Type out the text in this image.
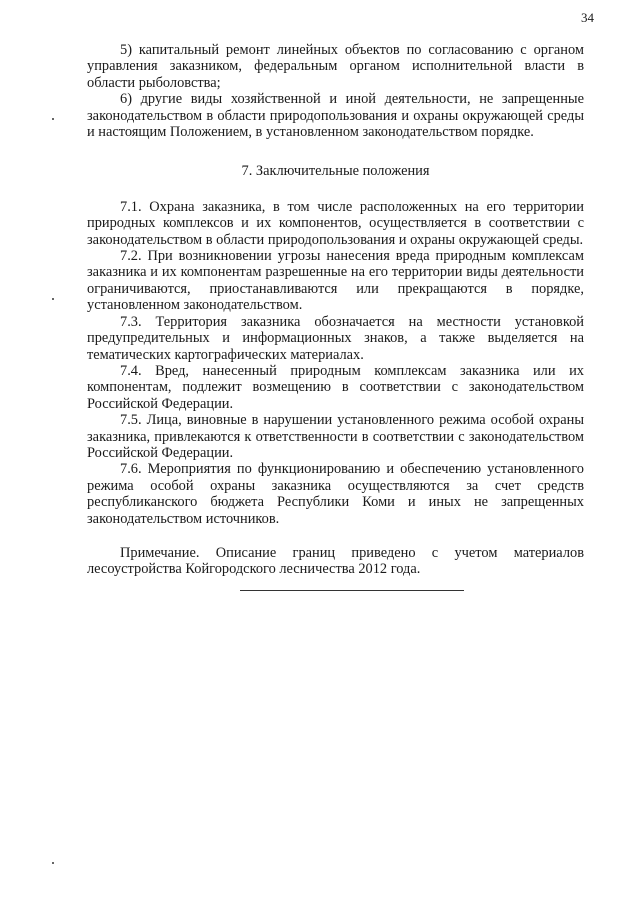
34

5) капитальный ремонт линейных объектов по согласованию с органом управления заказником, федеральным органом исполнительной власти в области рыболовства;

6) другие виды хозяйственной и иной деятельности, не запрещенные законодательством в области природопользования и охраны окружающей среды и настоящим Положением, в установленном законодательством порядке.

7. Заключительные положения

7.1. Охрана заказника, в том числе расположенных на его территории природных комплексов и их компонентов, осуществляется в соответствии с законодательством в области природопользования и охраны окружающей среды.

7.2. При возникновении угрозы нанесения вреда природным комплексам заказника и их компонентам разрешенные на его территории виды деятельности ограничиваются, приостанавливаются или прекращаются в порядке, установленном законодательством.

7.3. Территория заказника обозначается на местности установкой предупредительных и информационных знаков, а также выделяется на тематических картографических материалах.

7.4. Вред, нанесенный природным комплексам заказника или их компонентам, подлежит возмещению в соответствии с законодательством Российской Федерации.

7.5. Лица, виновные в нарушении установленного режима особой охраны заказника, привлекаются к ответственности в соответствии с законодательством Российской Федерации.

7.6. Мероприятия по функционированию и обеспечению установленного режима особой охраны заказника осуществляются за счет средств республиканского бюджета Республики Коми и иных не запрещенных законодательством источников.

Примечание. Описание границ приведено с учетом материалов лесоустройства Койгородского лесничества 2012 года.
